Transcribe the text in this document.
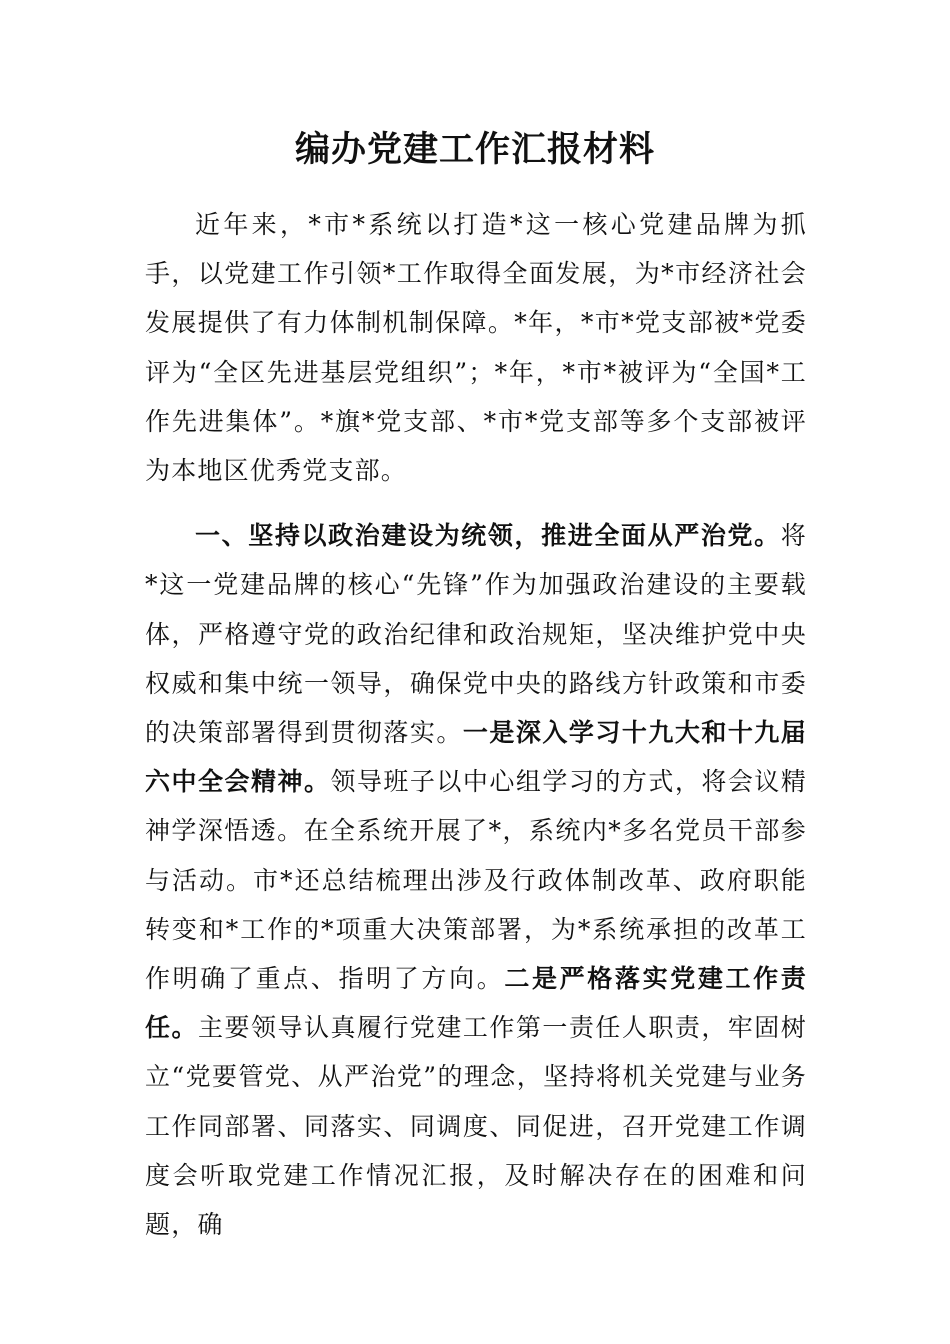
编办党建工作汇报材料

近年来，*市*系统以打造*这一核心党建品牌为抓手，以党建工作引领*工作取得全面发展，为*市经济社会发展提供了有力体制机制保障。*年，*市*党支部被*党委评为“全区先进基层党组织”；*年，*市*被评为“全国*工作先进集体”。*旗*党支部、*市*党支部等多个支部被评为本地区优秀党支部。

一、坚持以政治建设为统领，推进全面从严治党。将*这一党建品牌的核心“先锋”作为加强政治建设的主要载体，严格遵守党的政治纪律和政治规矩，坚决维护党中央权威和集中统一领导，确保党中央的路线方针政策和市委的决策部署得到贯彻落实。一是深入学习十九大和十九届六中全会精神。领导班子以中心组学习的方式，将会议精神学深悟透。在全系统开展了*，系统内*多名党员干部参与活动。市*还总结梳理出涉及行政体制改革、政府职能转变和*工作的*项重大决策部署，为*系统承担的改革工作明确了重点、指明了方向。二是严格落实党建工作责任。主要领导认真履行党建工作第一责任人职责，牢固树立“党要管党、从严治党”的理念，坚持将机关党建与业务工作同部署、同落实、同调度、同促进，召开党建工作调度会听取党建工作情况汇报，及时解决存在的困难和问题，确
